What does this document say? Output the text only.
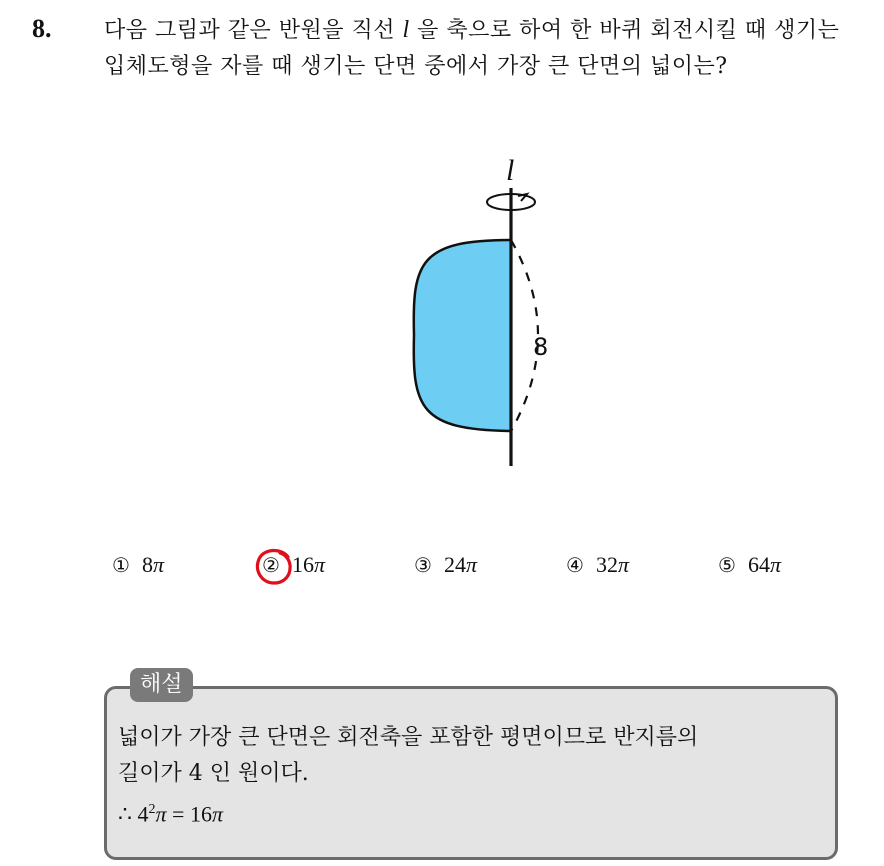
8. 다음 그림과 같은 반원을 직선 l 을 축으로 하여 한 바퀴 회전시킬 때 생기는 입체도형을 자를 때 생기는 단면 중에서 가장 큰 단면의 넓이는?
l
8
① 8π	② 16π	③ 24π	④ 32π	⑤ 64π
해설
넓이가 가장 큰 단면은 회전축을 포함한 평면이므로 반지름의
길이가 4 인 원이다.
∴ $4^2\pi = 16\pi$
